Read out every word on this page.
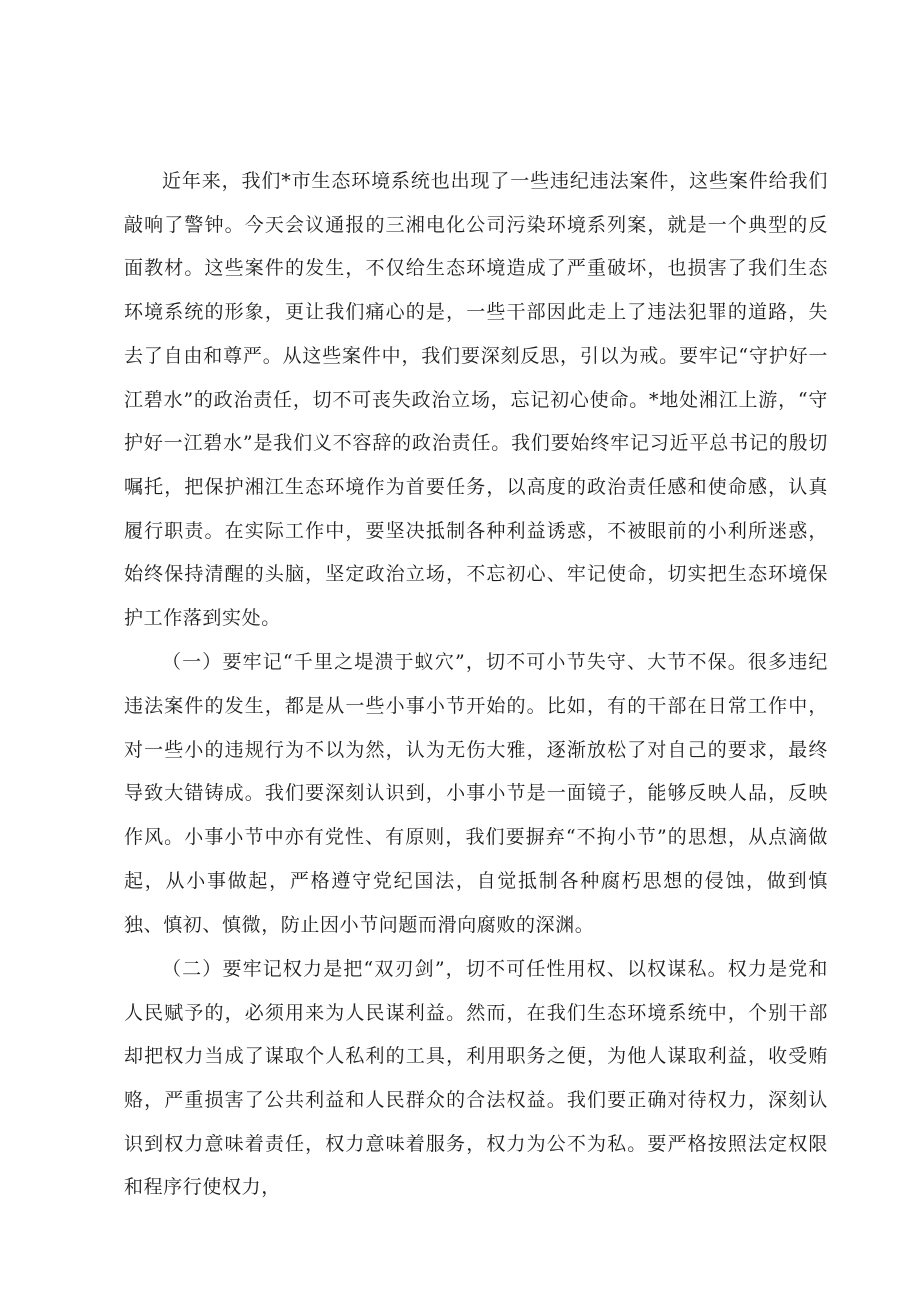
近年来，我们*市生态环境系统也出现了一些违纪违法案件，这些案件给我们敲响了警钟。今天会议通报的三湘电化公司污染环境系列案，就是一个典型的反面教材。这些案件的发生，不仅给生态环境造成了严重破坏，也损害了我们生态环境系统的形象，更让我们痛心的是，一些干部因此走上了违法犯罪的道路，失去了自由和尊严。从这些案件中，我们要深刻反思，引以为戒。要牢记“守护好一江碧水”的政治责任，切不可丧失政治立场，忘记初心使命。*地处湘江上游，“守护好一江碧水”是我们义不容辞的政治责任。我们要始终牢记习近平总书记的殷切嘱托，把保护湘江生态环境作为首要任务，以高度的政治责任感和使命感，认真履行职责。在实际工作中，要坚决抵制各种利益诱惑，不被眼前的小利所迷惑，始终保持清醒的头脑，坚定政治立场，不忘初心、牢记使命，切实把生态环境保护工作落到实处。

（一）要牢记“千里之堤溃于蚁穴”，切不可小节失守、大节不保。很多违纪违法案件的发生，都是从一些小事小节开始的。比如，有的干部在日常工作中，对一些小的违规行为不以为然，认为无伤大雅，逐渐放松了对自己的要求，最终导致大错铸成。我们要深刻认识到，小事小节是一面镜子，能够反映人品，反映作风。小事小节中亦有党性、有原则，我们要摒弃“不拘小节”的思想，从点滴做起，从小事做起，严格遵守党纪国法，自觉抵制各种腐朽思想的侵蚀，做到慎独、慎初、慎微，防止因小节问题而滑向腐败的深渊。

（二）要牢记权力是把“双刃剑”，切不可任性用权、以权谋私。权力是党和人民赋予的，必须用来为人民谋利益。然而，在我们生态环境系统中，个别干部却把权力当成了谋取个人私利的工具，利用职务之便，为他人谋取利益，收受贿赂，严重损害了公共利益和人民群众的合法权益。我们要正确对待权力，深刻认识到权力意味着责任，权力意味着服务，权力为公不为私。要严格按照法定权限和程序行使权力，
